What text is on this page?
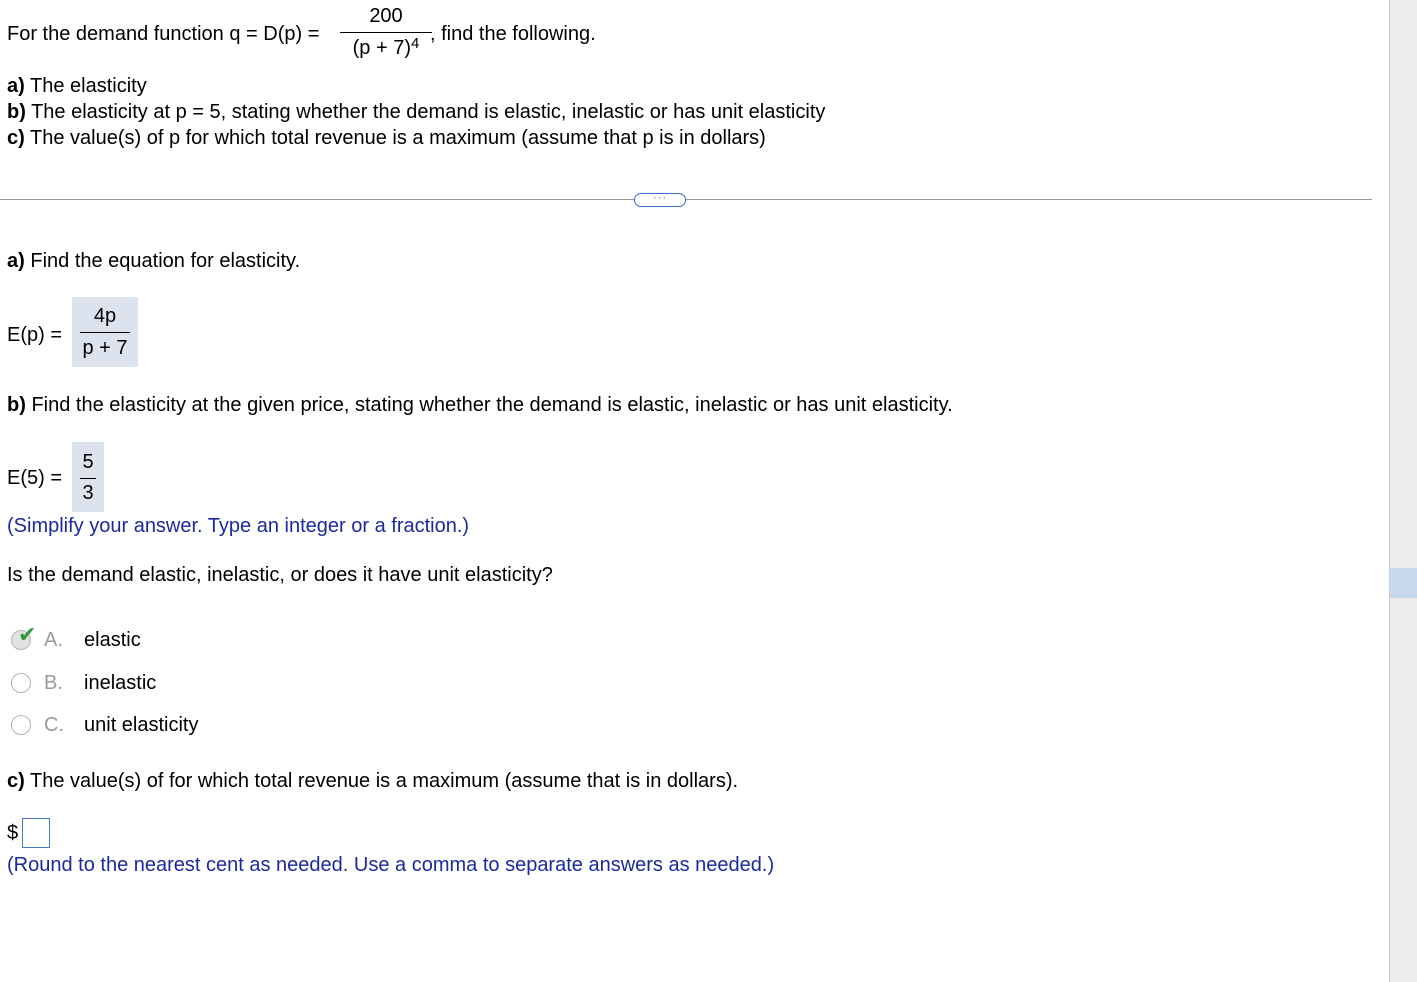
For the demand function q = D(p) =
200
$(p + 7)^4$ , find the following.
a) The elasticity
b) The elasticity at p = 5, stating whether the demand is elastic, inelastic or has unit elasticity
c) The value(s) of p for which total revenue is a maximum (assume that p is in dollars)
···
a) Find the equation for elasticity.
E(p) =
4p
p + 7
b) Find the elasticity at the given price, stating whether the demand is elastic, inelastic or has unit elasticity.
E(5) =
5
3
(Simplify your answer. Type an integer or a fraction.)
Is the demand elastic, inelastic, or does it have unit elasticity?
✔ A. elastic
B. inelastic
C. unit elasticity
c) The value(s) of for which total revenue is a maximum (assume that is in dollars).
$
(Round to the nearest cent as needed. Use a comma to separate answers as needed.)
